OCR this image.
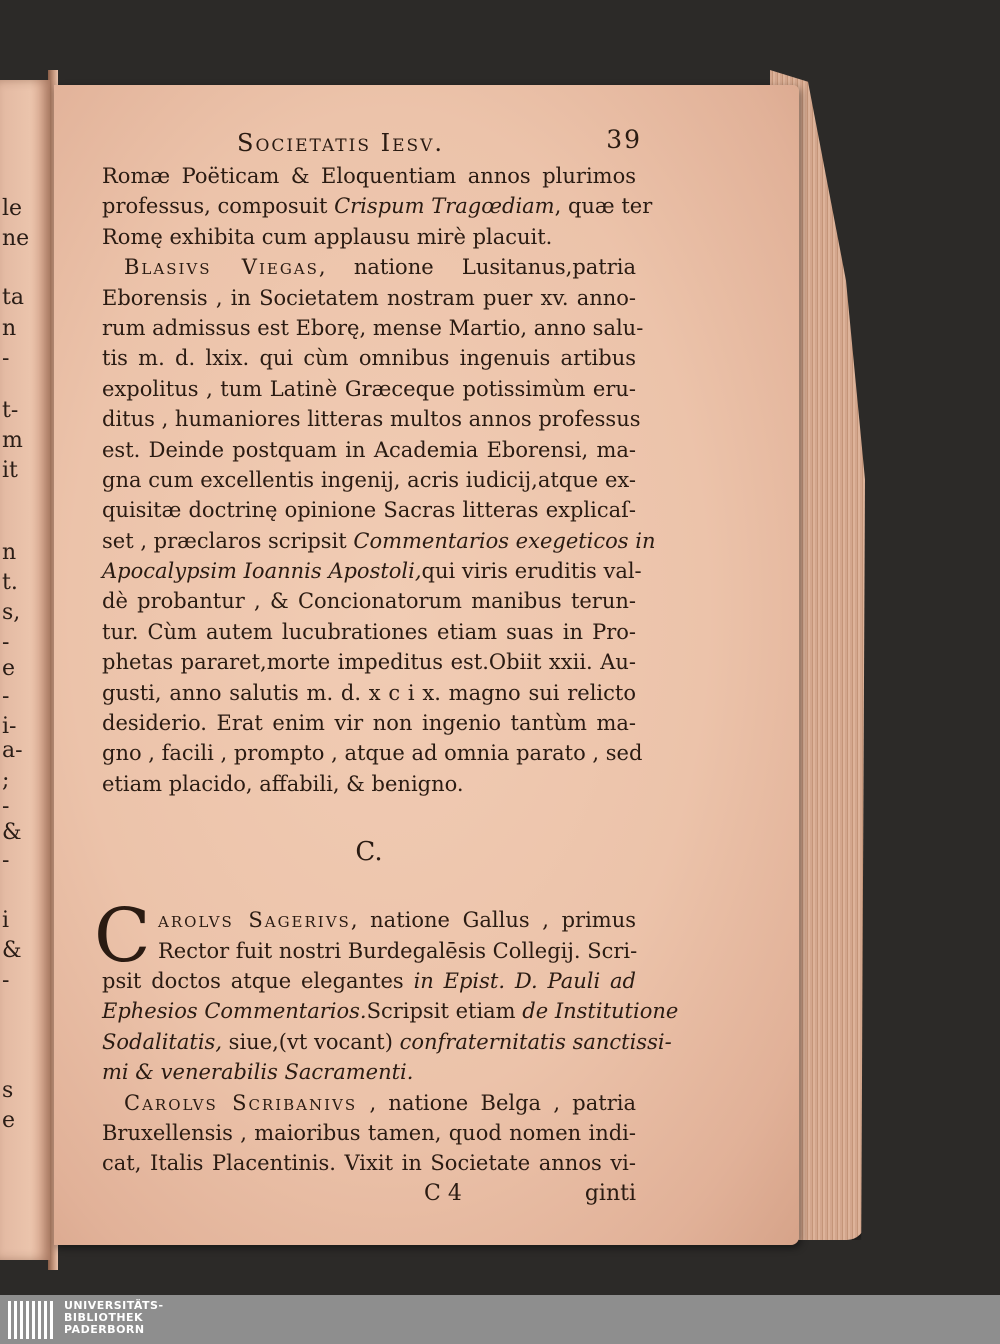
le
ne
ta
n
-
t-
m
it
n
t.
s,
-
e
-
i-
a-
;
-
&
-
i
&
-
s
e
Societatis Iesv.	39
Romæ Poëticam & Eloquentiam annos plurimos
professus, composuit Crispum Tragœdiam, quæ ter
Romę exhibita cum applausu mirè placuit.
Blasivs Viegas, natione Lusitanus,patria
Eborensis , in Societatem nostram puer xv. anno-
rum admissus est Eborę, mense Martio, anno salu-
tis m. d. lxix. qui cùm omnibus ingenuis artibus
expolitus , tum Latinè Græceque potissimùm eru-
ditus , humaniores litteras multos annos professus
est. Deinde postquam in Academia Eborensi, ma-
gna cum excellentis ingenij, acris iudicij,atque ex-
quisitæ doctrinę opinione Sacras litteras explicaſ-
set , præclaros scripsit Commentarios exegeticos in
Apocalypsim Ioannis Apostoli,qui viris eruditis val-
dè probantur , & Concionatorum manibus terun-
tur. Cùm autem lucubrationes etiam suas in Pro-
phetas pararet,morte impeditus est.Obiit xxii. Au-
gusti, anno salutis m. d. x c i x. magno sui relicto
desiderio. Erat enim vir non ingenio tantùm ma-
gno , facili , prompto , atque ad omnia parato , sed
etiam placido, affabili, & benigno.
C.
C arolvs Sagerivs, natione Gallus , primus
Rector fuit nostri Burdegalēsis Collegij. Scri-
psit doctos atque elegantes in Epist. D. Pauli ad
Ephesios Commentarios.Scripsit etiam de Institutione
Sodalitatis, siue,(vt vocant) confraternitatis sanctissi-
mi & venerabilis Sacramenti.
Carolvs Scribanivs , natione Belga , patria
Bruxellensis , maioribus tamen, quod nomen indi-
cat, Italis Placentinis. Vixit in Societate annos vi-
C 4	ginti
UNIVERSITÄTS-
BIBLIOTHEK
PADERBORN
